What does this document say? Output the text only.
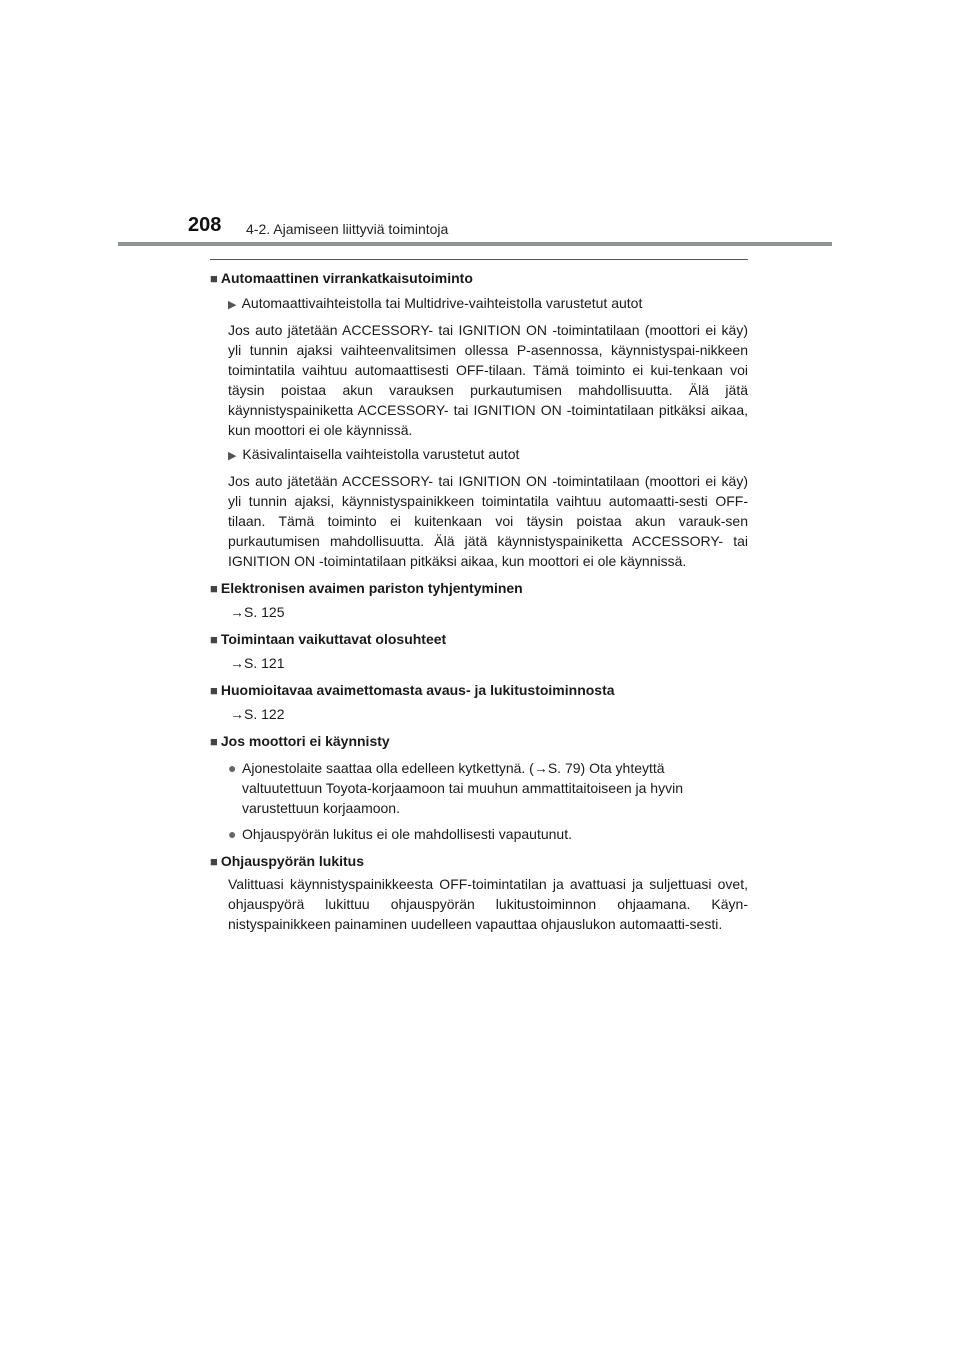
208 4-2. Ajamiseen liittyviä toimintoja
■ Automaattinen virrankatkaisutoiminto
▶ Automaattivaihteistolla tai Multidrive-vaihteistolla varustetut autot
Jos auto jätetään ACCESSORY- tai IGNITION ON -toimintatilaan (moottori ei käy) yli tunnin ajaksi vaihteenvalitsimen ollessa P-asennossa, käynnistyspai-nikkeen toimintatila vaihtuu automaattisesti OFF-tilaan. Tämä toiminto ei kui-tenkaan voi täysin poistaa akun varauksen purkautumisen mahdollisuutta. Älä jätä käynnistyspainiketta ACCESSORY- tai IGNITION ON -toimintatilaan pitkäksi aikaa, kun moottori ei ole käynnissä.
▶ Käsivalintaisella vaihteistolla varustetut autot
Jos auto jätetään ACCESSORY- tai IGNITION ON -toimintatilaan (moottori ei käy) yli tunnin ajaksi, käynnistyspainikkeen toimintatila vaihtuu automaatti-sesti OFF-tilaan. Tämä toiminto ei kuitenkaan voi täysin poistaa akun varauk-sen purkautumisen mahdollisuutta. Älä jätä käynnistyspainiketta ACCESSORY- tai IGNITION ON -toimintatilaan pitkäksi aikaa, kun moottori ei ole käynnissä.
■ Elektronisen avaimen pariston tyhjentyminen
→S. 125
■ Toimintaan vaikuttavat olosuhteet
→S. 121
■ Huomioitavaa avaimettomasta avaus- ja lukitustoiminnosta
→S. 122
■ Jos moottori ei käynnisty
● Ajonestolaite saattaa olla edelleen kytkettynä. (→S. 79) Ota yhteyttä valtuutettuun Toyota-korjaamoon tai muuhun ammattitaitoiseen ja hyvin varustettuun korjaamoon.
● Ohjauspyörän lukitus ei ole mahdollisesti vapautunut.
■ Ohjauspyörän lukitus
Valittuasi käynnistyspainikkeesta OFF-toimintatilan ja avattuasi ja suljettuasi ovet, ohjauspyörä lukittuu ohjauspyörän lukitustoiminnon ohjaamana. Käyn-nistyspainikkeen painaminen uudelleen vapauttaa ohjauslukon automaatti-sesti.
